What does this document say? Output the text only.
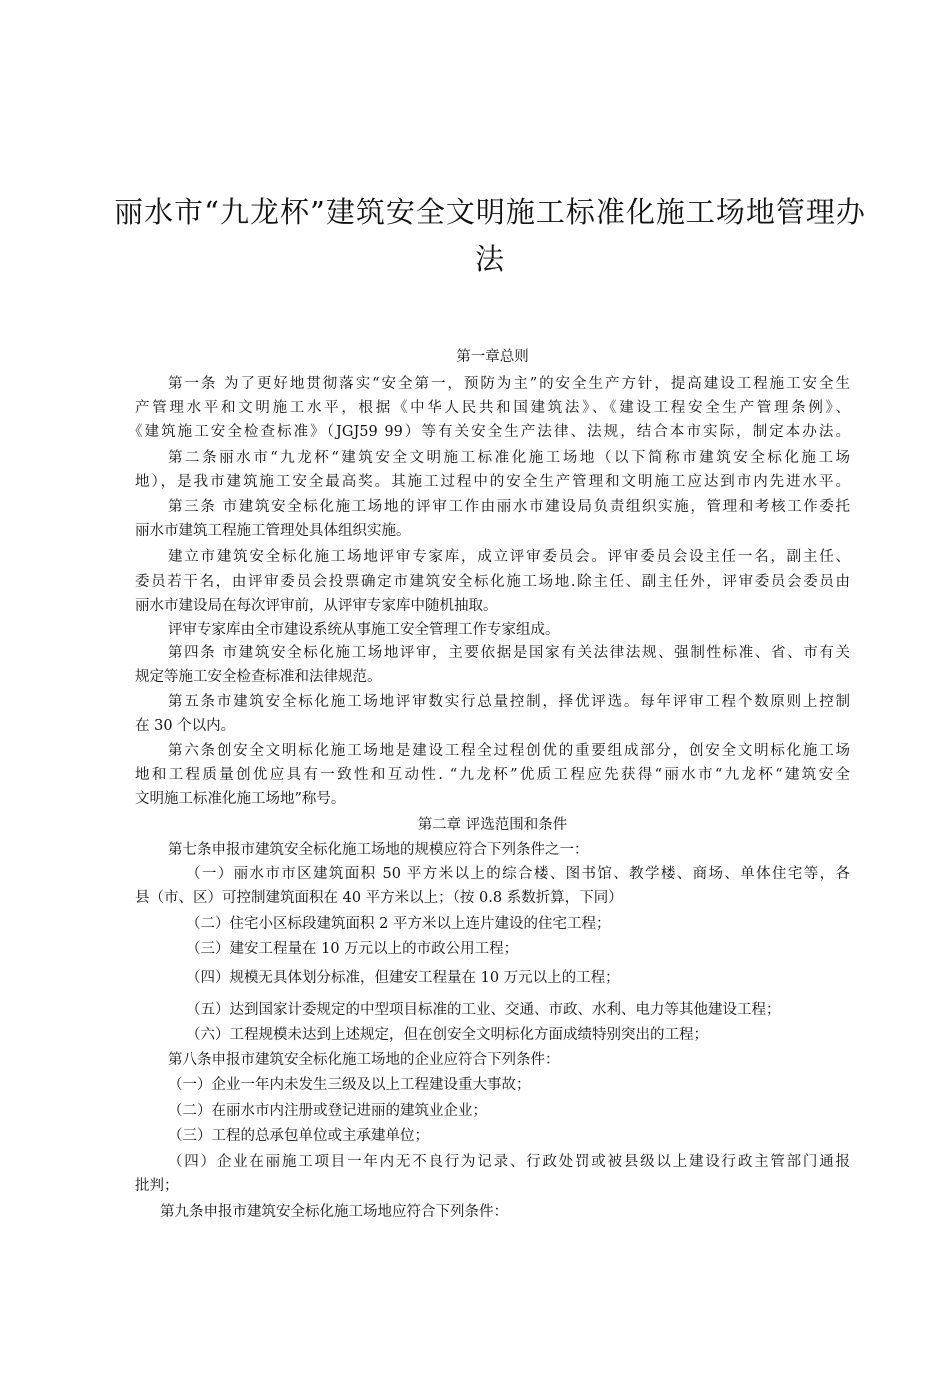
丽水市“九龙杯”建筑安全文明施工标准化施工场地管理办
法
第一章总则
第一条 为了更好地贯彻落实“安全第一，预防为主”的安全生产方针，提高建设工程施工安全生
产管理水平和文明施工水平，根据《中华人民共和国建筑法》、《建设工程安全生产管理条例》、
《建筑施工安全检查标准》（JGJ59 99）等有关安全生产法律、法规，结合本市实际，制定本办法。
第二条丽水市“九龙杯“建筑安全文明施工标准化施工场地（以下简称市建筑安全标化施工场
地），是我市建筑施工安全最高奖。其施工过程中的安全生产管理和文明施工应达到市内先进水平。
第三条 市建筑安全标化施工场地的评审工作由丽水市建设局负责组织实施，管理和考核工作委托
丽水市建筑工程施工管理处具体组织实施。
建立市建筑安全标化施工场地评审专家库，成立评审委员会。评审委员会设主任一名，副主任、
委员若干名，由评审委员会投票确定市建筑安全标化施工场地.除主任、副主任外，评审委员会委员由
丽水市建设局在每次评审前，从评审专家库中随机抽取。
评审专家库由全市建设系统从事施工安全管理工作专家组成。
第四条 市建筑安全标化施工场地评审，主要依据是国家有关法律法规、强制性标准、省、市有关
规定等施工安全检查标准和法律规范。
第五条市建筑安全标化施工场地评审数实行总量控制，择优评选。每年评审工程个数原则上控制
在 30 个以内。
第六条创安全文明标化施工场地是建设工程全过程创优的重要组成部分，创安全文明标化施工场
地和工程质量创优应具有一致性和互动性. “九龙杯”优质工程应先获得“丽水市“九龙杯“建筑安全
文明施工标准化施工场地”称号。
第二章 评选范围和条件
第七条申报市建筑安全标化施工场地的规模应符合下列条件之一：
（一）丽水市市区建筑面积 50 平方米以上的综合楼、图书馆、教学楼、商场、单体住宅等，各
县（市、区）可控制建筑面积在 40 平方米以上；（按 0.8 系数折算，下同）
（二）住宅小区标段建筑面积 2 平方米以上连片建设的住宅工程；
（三）建安工程量在 10 万元以上的市政公用工程；
（四）规模无具体划分标准，但建安工程量在 10 万元以上的工程；
（五）达到国家计委规定的中型项目标准的工业、交通、市政、水利、电力等其他建设工程；
（六）工程规模未达到上述规定，但在创安全文明标化方面成绩特别突出的工程；
第八条申报市建筑安全标化施工场地的企业应符合下列条件：
（一）企业一年内未发生三级及以上工程建设重大事故；
（二）在丽水市内注册或登记进丽的建筑业企业；
（三）工程的总承包单位或主承建单位；
（四）企业在丽施工项目一年内无不良行为记录、行政处罚或被县级以上建设行政主管部门通报
批判；
第九条申报市建筑安全标化施工场地应符合下列条件：
